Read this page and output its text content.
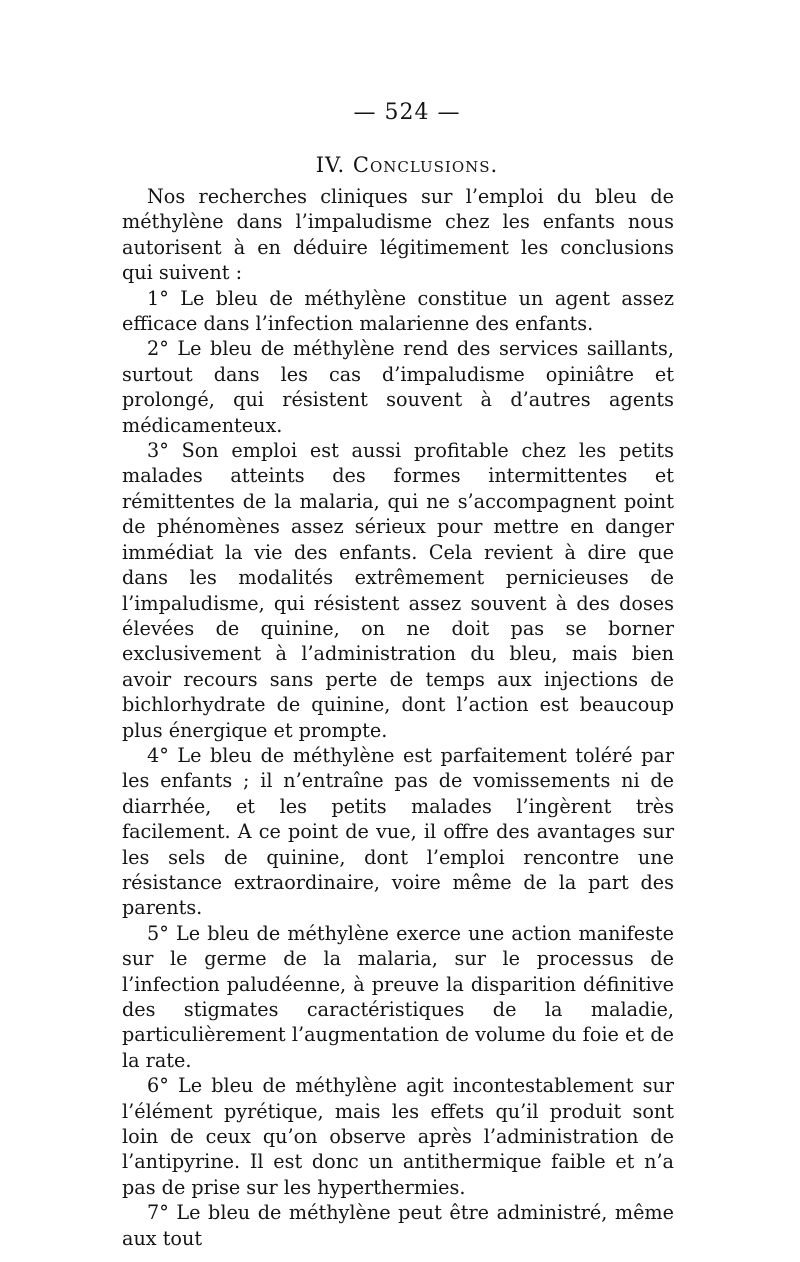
— 524 —
IV. Conclusions.

Nos recherches cliniques sur l’emploi du bleu de méthylène dans l’impaludisme chez les enfants nous autorisent à en déduire légitimement les conclusions qui suivent :

1° Le bleu de méthylène constitue un agent assez efficace dans l’infection malarienne des enfants.

2° Le bleu de méthylène rend des services saillants, surtout dans les cas d’impaludisme opiniâtre et prolongé, qui résistent souvent à d’autres agents médicamenteux.

3° Son emploi est aussi profitable chez les petits malades atteints des formes intermittentes et rémittentes de la malaria, qui ne s’accompagnent point de phénomènes assez sérieux pour mettre en danger immédiat la vie des enfants. Cela revient à dire que dans les modalités extrêmement pernicieuses de l’impaludisme, qui résistent assez souvent à des doses élevées de quinine, on ne doit pas se borner exclusivement à l’administration du bleu, mais bien avoir recours sans perte de temps aux injections de bichlorhydrate de quinine, dont l’action est beaucoup plus énergique et prompte.

4° Le bleu de méthylène est parfaitement toléré par les enfants ; il n’entraîne pas de vomissements ni de diarrhée, et les petits malades l’ingèrent très facilement. A ce point de vue, il offre des avantages sur les sels de quinine, dont l’emploi rencontre une résistance extraordinaire, voire même de la part des parents.

5° Le bleu de méthylène exerce une action manifeste sur le germe de la malaria, sur le processus de l’infection paludéenne, à preuve la disparition définitive des stigmates caractéristiques de la maladie, particulièrement l’augmentation de volume du foie et de la rate.

6° Le bleu de méthylène agit incontestablement sur l’élément pyrétique, mais les effets qu’il produit sont loin de ceux qu’on observe après l’administration de l’antipyrine. Il est donc un antithermique faible et n’a pas de prise sur les hyperthermies.

7° Le bleu de méthylène peut être administré, même aux tout
